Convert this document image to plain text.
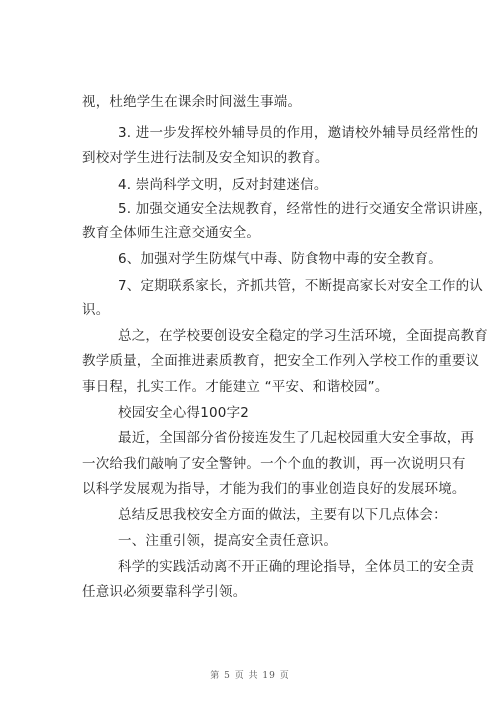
视，杜绝学生在课余时间滋生事端。
3. 进一步发挥校外辅导员的作用，邀请校外辅导员经常性的
到校对学生进行法制及安全知识的教育。
4. 崇尚科学文明，反对封建迷信。
5. 加强交通安全法规教育，经常性的进行交通安全常识讲座，
教育全体师生注意交通安全。
6、加强对学生防煤气中毒、防食物中毒的安全教育。
7、定期联系家长，齐抓共管，不断提高家长对安全工作的认
识。
总之，在学校要创设安全稳定的学习生活环境，全面提高教育
教学质量，全面推进素质教育，把安全工作列入学校工作的重要议
事日程，扎实工作。才能建立 “平安、和谐校园”。
校园安全心得100字2
最近，全国部分省份接连发生了几起校园重大安全事故，再
一次给我们敲响了安全警钟。一个个血的教训，再一次说明只有
以科学发展观为指导，才能为我们的事业创造良好的发展环境。
总结反思我校安全方面的做法，主要有以下几点体会：
一、注重引领，提高安全责任意识。
科学的实践活动离不开正确的理论指导，全体员工的安全责
任意识必须要靠科学引领。
第 5 页 共 19 页
